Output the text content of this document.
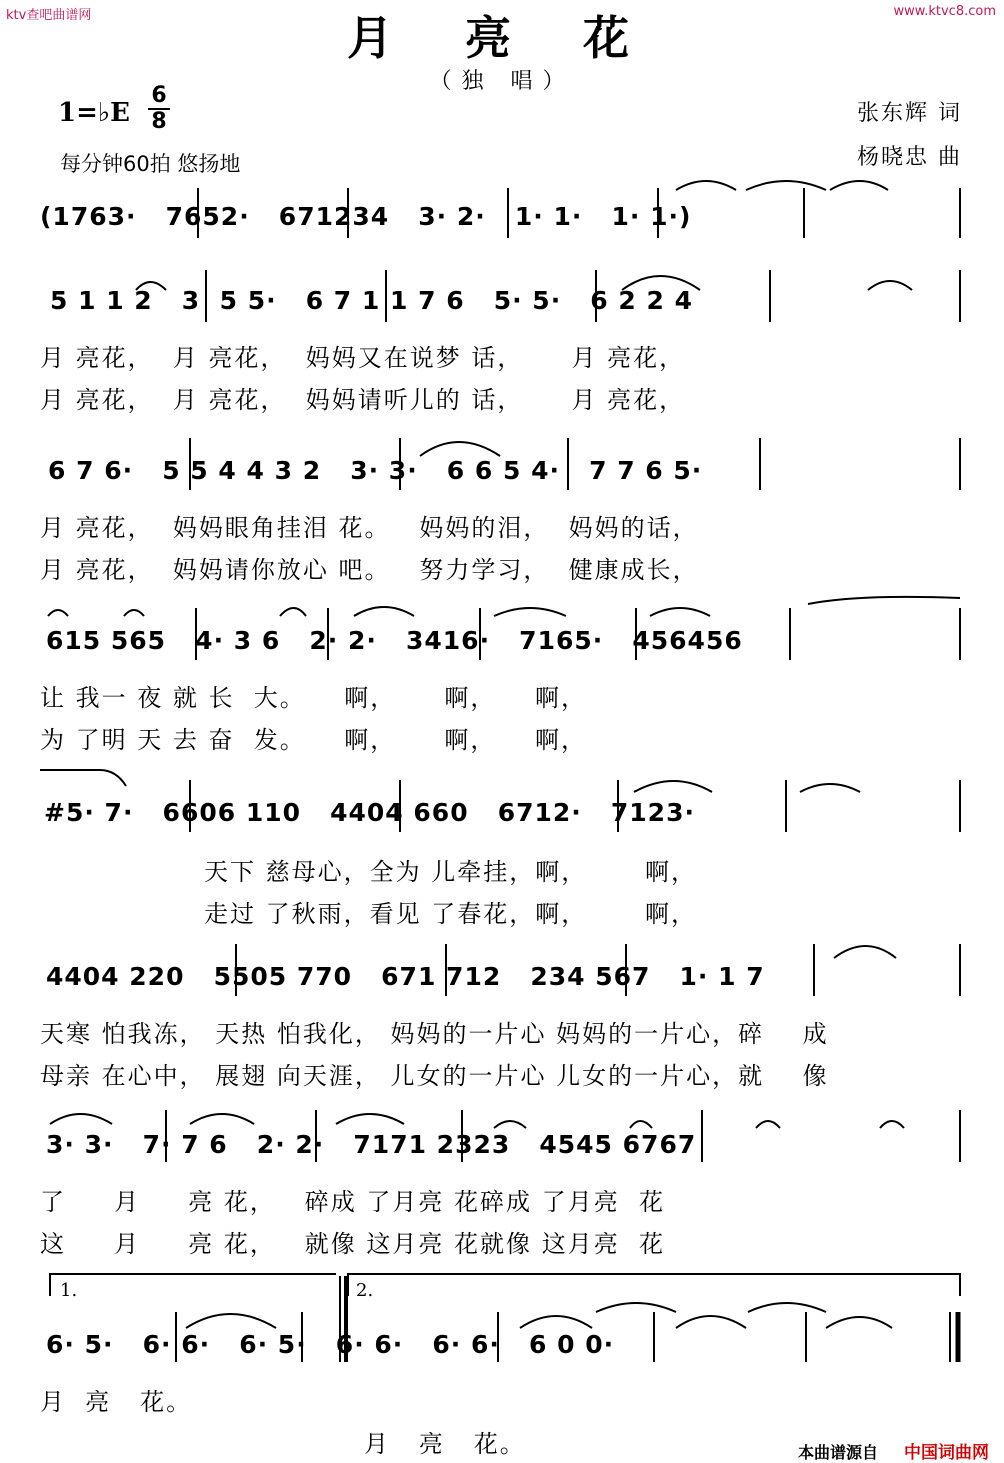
ktv查吧曲谱网	www.ktvc8.com
月 亮 花
（独 唱）
1=♭E
6
8
每分钟60拍 悠扬地
张东辉 词
杨晓忠 曲
(1763·   7652·   671234   3· 2·   1· 1·   1· 1·)
5 1 1 2   3  5 5·   6 7 1 1 7 6   5· 5·   6 2 2 4
月 亮花，  月 亮花，  妈妈又在说梦 话，     月 亮花，
月 亮花，  月 亮花，  妈妈请听儿的 话，     月 亮花，
6 7 6·   5 5 4 4 3 2   3· 3·   6 6 5 4·   7 7 6 5·
月 亮花，  妈妈眼角挂泪 花。   妈妈的泪，  妈妈的话，
月 亮花，  妈妈请你放心 吧。   努力学习，  健康成长，
615 565   4· 3 6   2· 2·   3416·   7165·   456456
让 我一 夜 就 长  大。    啊，     啊，    啊，
为 了明 天 去 奋  发。    啊，     啊，    啊，
#5· 7·   6606 110   4404 660   6712·   7123·
天下 慈母心，全为 儿牵挂，啊，      啊，
走过 了秋雨，看见 了春花，啊，      啊，
4404 220   5505 770   671 712   234 567   1· 1 7
天寒 怕我冻， 天热 怕我化， 妈妈的一片心 妈妈的一片心，碎    成
母亲 在心中， 展翅 向天涯， 儿女的一片心 儿女的一片心，就    像
3· 3·   7· 7 6   2· 2·   7171 2323   4545 6767
了     月     亮 花，   碎成 了月亮 花碎成 了月亮  花
这     月     亮 花，   就像 这月亮 花就像 这月亮  花
1.	2.
6· 5·   6· 6·   6· 5·   6· 6·   6· 6·   6 0 0·
月  亮   花。
月   亮   花。	本曲谱源自 中国词曲网
